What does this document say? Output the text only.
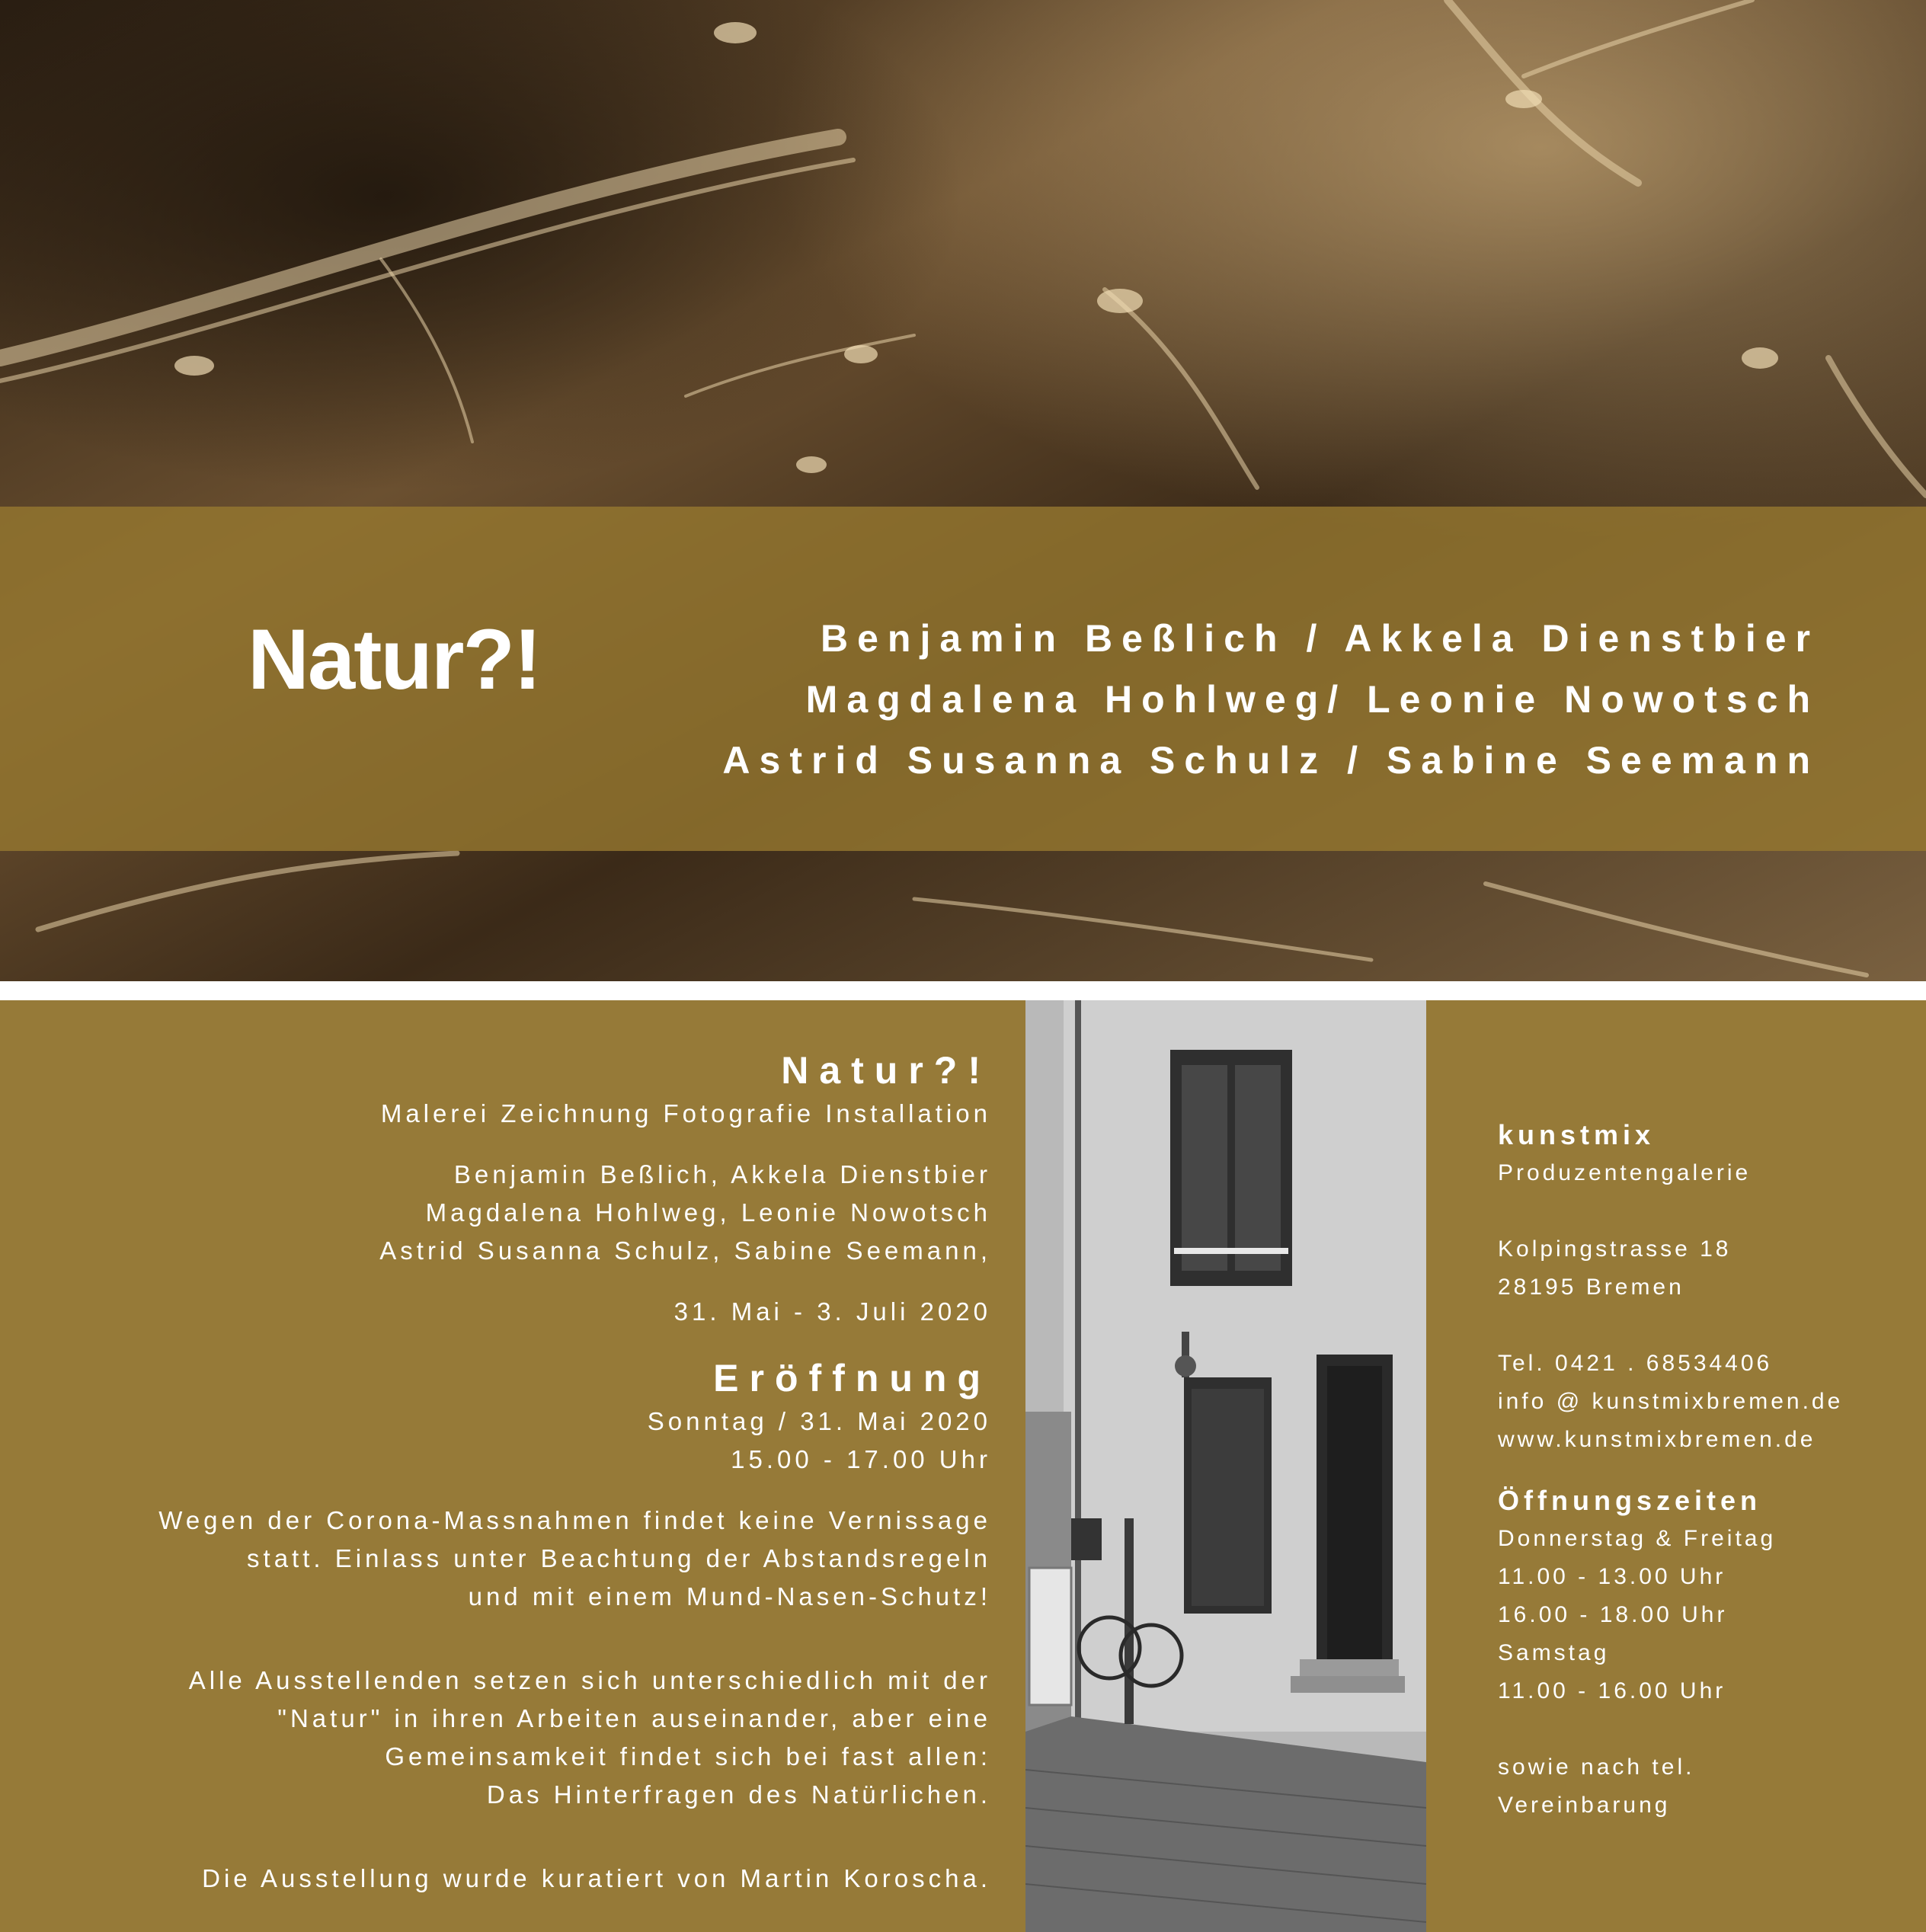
Natur?!	Benjamin Beßlich / Akkela Dienstbier
Magdalena Hohlweg/ Leonie Nowotsch
Astrid Susanna Schulz / Sabine Seemann
Natur?!
Malerei Zeichnung Fotografie Installation
Benjamin Beßlich, Akkela Dienstbier
Magdalena Hohlweg, Leonie Nowotsch
Astrid Susanna Schulz, Sabine Seemann,
31. Mai - 3. Juli 2020
Eröffnung
Sonntag / 31. Mai 2020
15.00 - 17.00 Uhr
Wegen der Corona-Massnahmen findet keine Vernissage
statt. Einlass unter Beachtung der Abstandsregeln
und mit einem Mund-Nasen-Schutz!
Alle Ausstellenden setzen sich unterschiedlich mit der
"Natur" in ihren Arbeiten auseinander, aber eine
Gemeinsamkeit findet sich bei fast allen:
Das Hinterfragen des Natürlichen.
Die Ausstellung wurde kuratiert von Martin Koroscha.
kunstmix
Produzentengalerie
Kolpingstrasse 18
28195 Bremen
Tel. 0421 . 68534406
info @ kunstmixbremen.de
www.kunstmixbremen.de
Öffnungszeiten
Donnerstag & Freitag
11.00 - 13.00 Uhr
16.00 - 18.00 Uhr
Samstag
11.00 - 16.00 Uhr
sowie nach tel.
Vereinbarung
